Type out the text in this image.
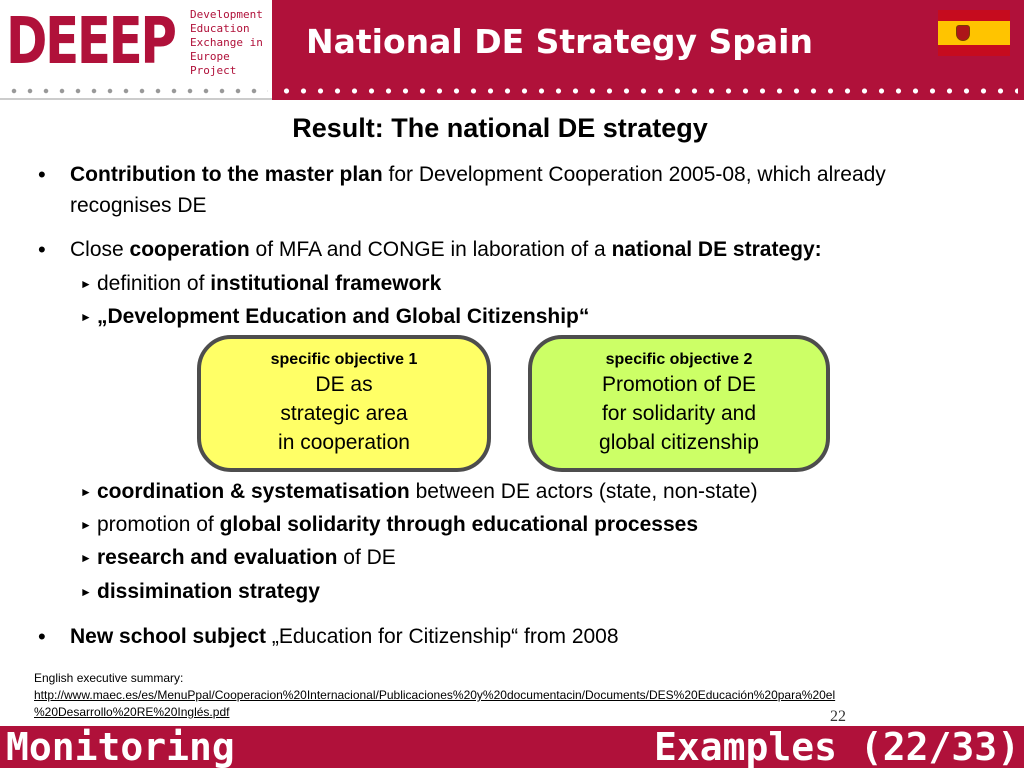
DEEEP Development
Education
Exchange in
Europe
Project
National DE Strategy Spain
Result: The national DE strategy
• Contribution to the master plan for Development Cooperation 2005-08, which already recognises DE
• Close cooperation of MFA and CONGE in laboration of a national DE strategy:
► definition of institutional framework
► „Development Education and Global Citizenship“
specific objective 1
DE as
strategic area
in cooperation
specific objective 2
Promotion of DE
for solidarity and
global citizenship
► coordination & systematisation between DE actors (state, non-state)
► promotion of global solidarity through educational processes
► research and evaluation of DE
► dissimination strategy
• New school subject „Education for Citizenship“ from 2008
English executive summary:
http://www.maec.es/es/MenuPpal/Cooperacion%20Internacional/Publicaciones%20y%20documentacin/Documents/DES%20Educación%20para%20el
%20Desarrollo%20RE%20Inglés.pdf	22
Monitoring	Examples (22/33)
